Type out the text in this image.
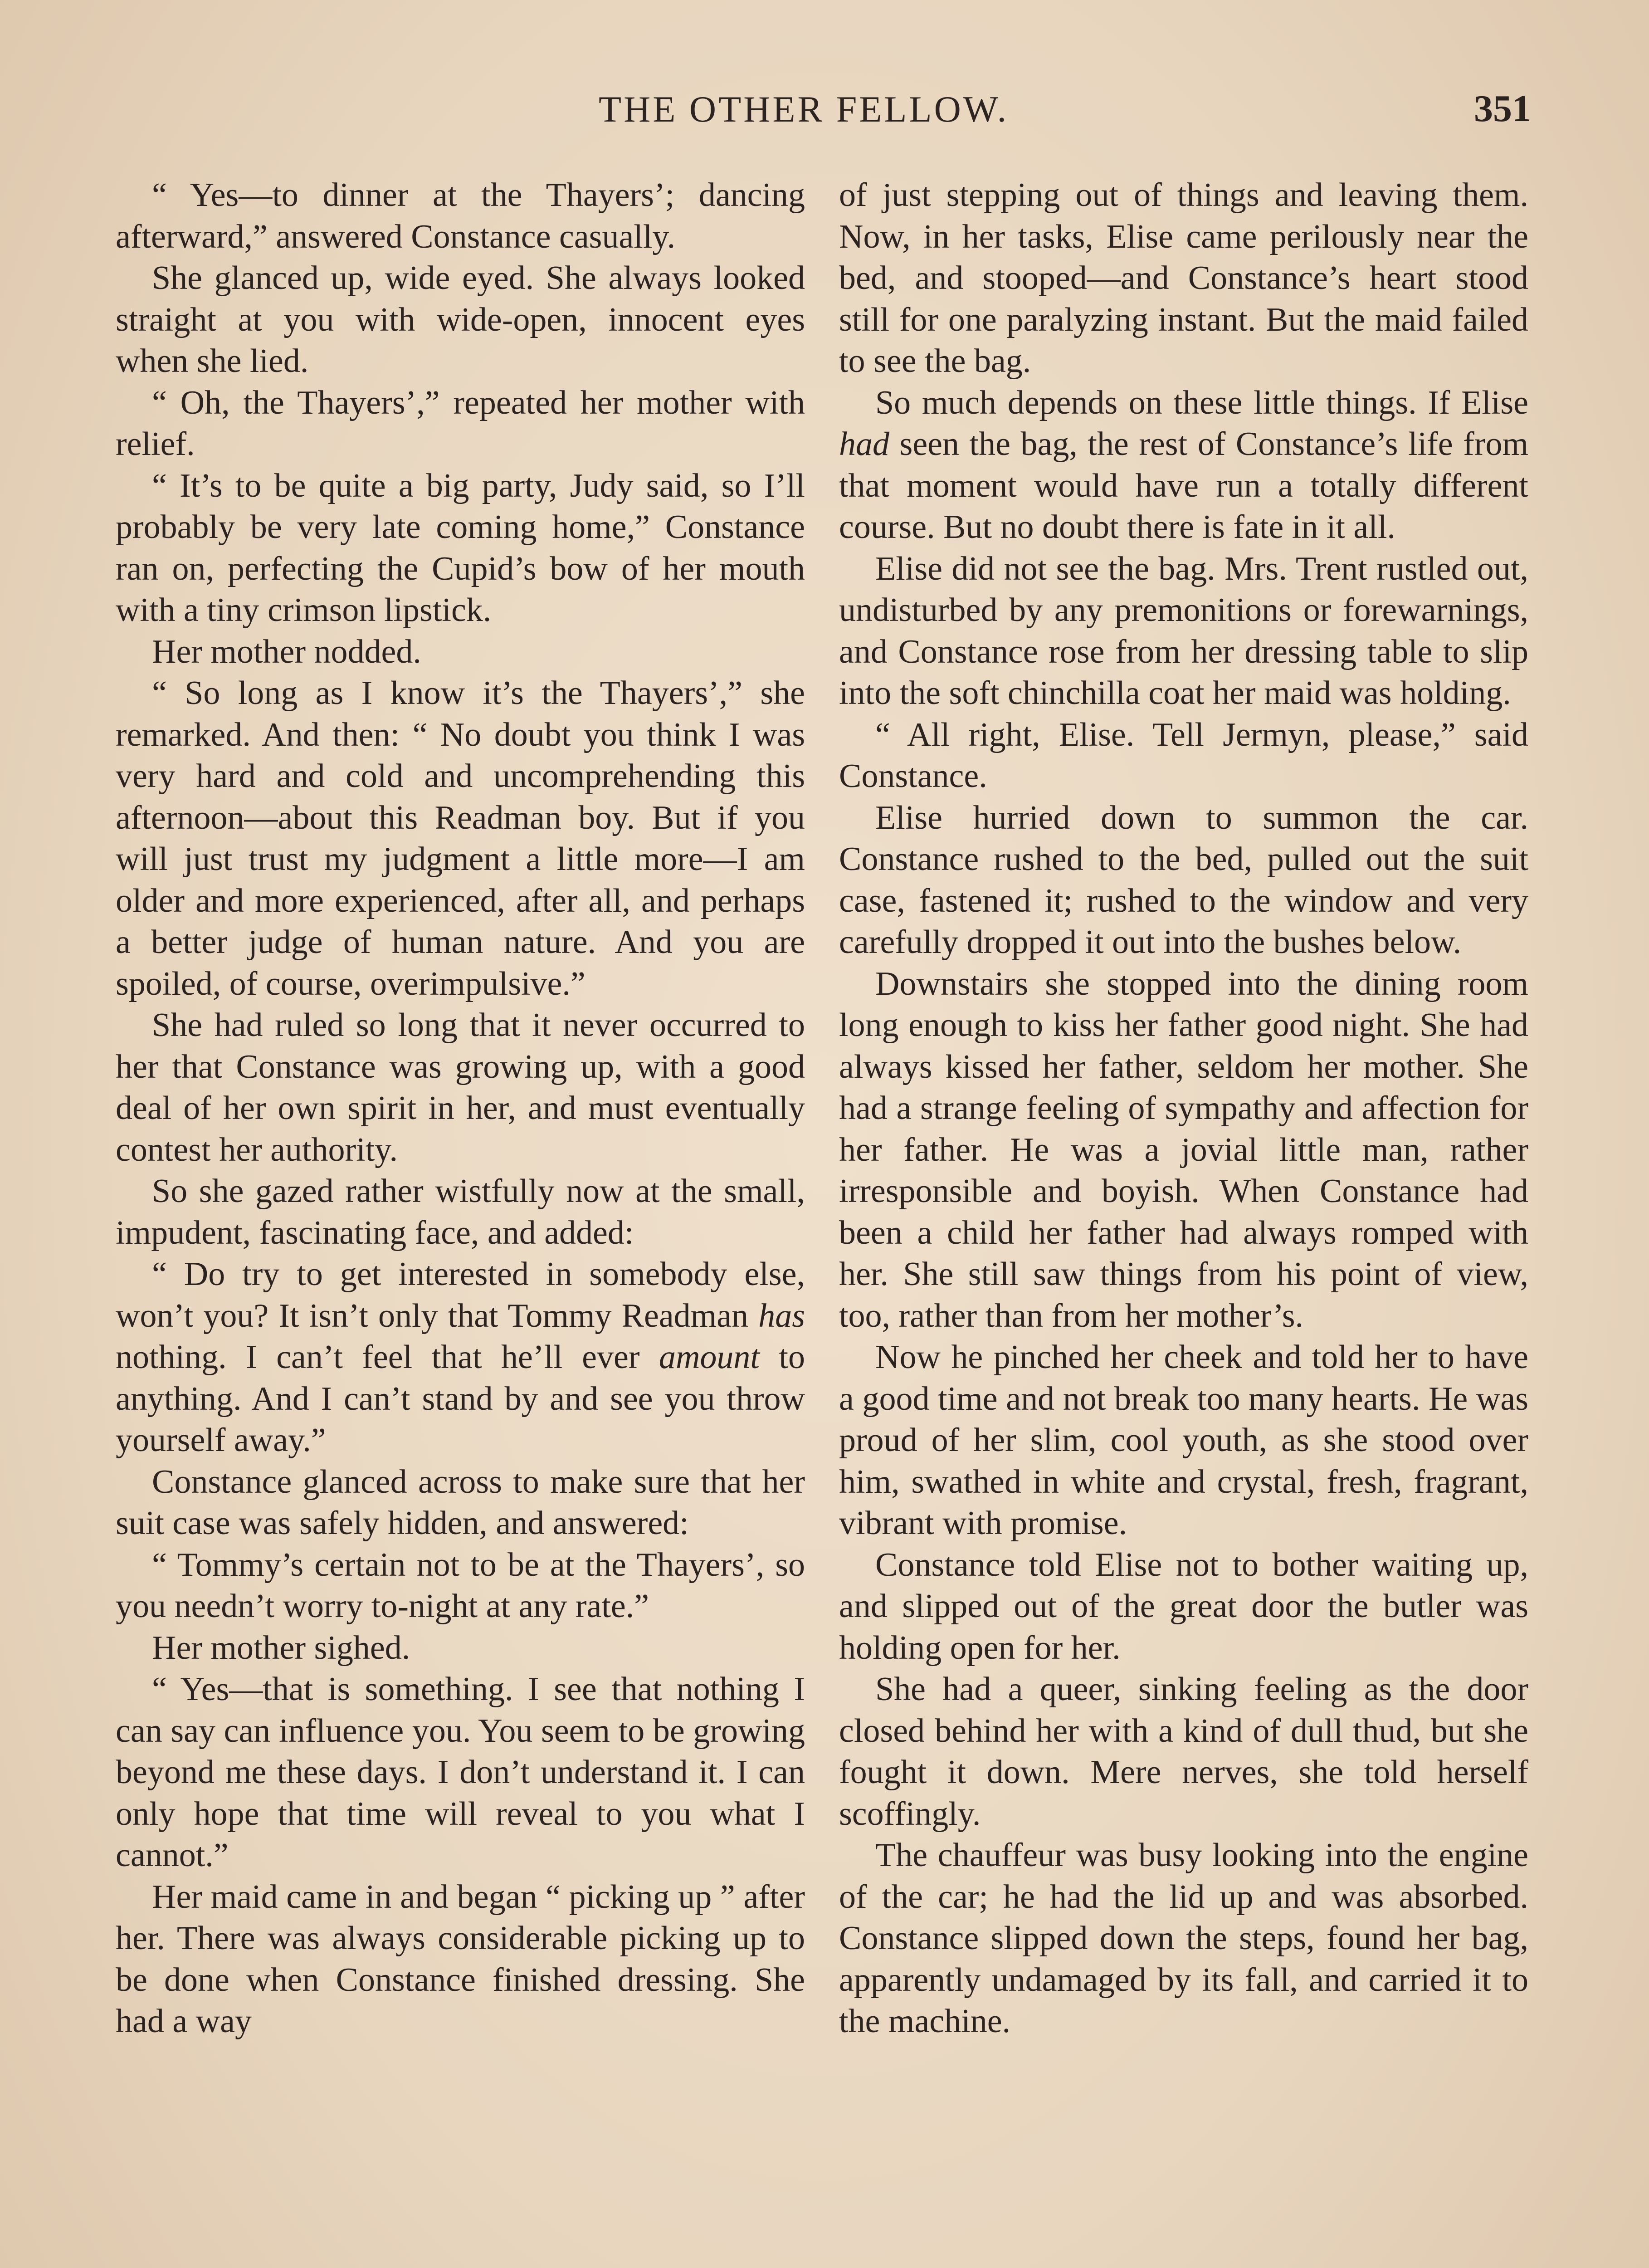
THE OTHER FELLOW.	351

“ Yes—to dinner at the Thayers’; dancing afterward,” answered Constance casually.

She glanced up, wide eyed. She always looked straight at you with wide-open, innocent eyes when she lied.

“ Oh, the Thayers’,” repeated her mother with relief.

“ It’s to be quite a big party, Judy said, so I’ll probably be very late coming home,” Constance ran on, perfecting the Cupid’s bow of her mouth with a tiny crimson lipstick.

Her mother nodded.

“ So long as I know it’s the Thayers’,” she remarked. And then: “ No doubt you think I was very hard and cold and uncomprehending this afternoon—about this Readman boy. But if you will just trust my judgment a little more—I am older and more experienced, after all, and perhaps a better judge of human nature. And you are spoiled, of course, overimpulsive.”

She had ruled so long that it never occurred to her that Constance was growing up, with a good deal of her own spirit in her, and must eventually contest her authority.

So she gazed rather wistfully now at the small, impudent, fascinating face, and added:

“ Do try to get interested in somebody else, won’t you? It isn’t only that Tommy Readman has nothing. I can’t feel that he’ll ever amount to anything. And I can’t stand by and see you throw yourself away.”

Constance glanced across to make sure that her suit case was safely hidden, and answered:

“ Tommy’s certain not to be at the Thayers’, so you needn’t worry to-night at any rate.”

Her mother sighed.

“ Yes—that is something. I see that nothing I can say can influence you. You seem to be growing beyond me these days. I don’t understand it. I can only hope that time will reveal to you what I cannot.”

Her maid came in and began “ picking up ” after her. There was always considerable picking up to be done when Constance finished dressing. She had a way

of just stepping out of things and leaving them. Now, in her tasks, Elise came perilously near the bed, and stooped—and Constance’s heart stood still for one paralyzing instant. But the maid failed to see the bag.

So much depends on these little things. If Elise had seen the bag, the rest of Constance’s life from that moment would have run a totally different course. But no doubt there is fate in it all.

Elise did not see the bag. Mrs. Trent rustled out, undisturbed by any premonitions or forewarnings, and Constance rose from her dressing table to slip into the soft chinchilla coat her maid was holding.

“ All right, Elise. Tell Jermyn, please,” said Constance.

Elise hurried down to summon the car. Constance rushed to the bed, pulled out the suit case, fastened it; rushed to the window and very carefully dropped it out into the bushes below.

Downstairs she stopped into the dining room long enough to kiss her father good night. She had always kissed her father, seldom her mother. She had a strange feeling of sympathy and affection for her father. He was a jovial little man, rather irresponsible and boyish. When Constance had been a child her father had always romped with her. She still saw things from his point of view, too, rather than from her mother’s.

Now he pinched her cheek and told her to have a good time and not break too many hearts. He was proud of her slim, cool youth, as she stood over him, swathed in white and crystal, fresh, fragrant, vibrant with promise.

Constance told Elise not to bother waiting up, and slipped out of the great door the butler was holding open for her.

She had a queer, sinking feeling as the door closed behind her with a kind of dull thud, but she fought it down. Mere nerves, she told herself scoffingly.

The chauffeur was busy looking into the engine of the car; he had the lid up and was absorbed. Constance slipped down the steps, found her bag, apparently undamaged by its fall, and carried it to the machine.
